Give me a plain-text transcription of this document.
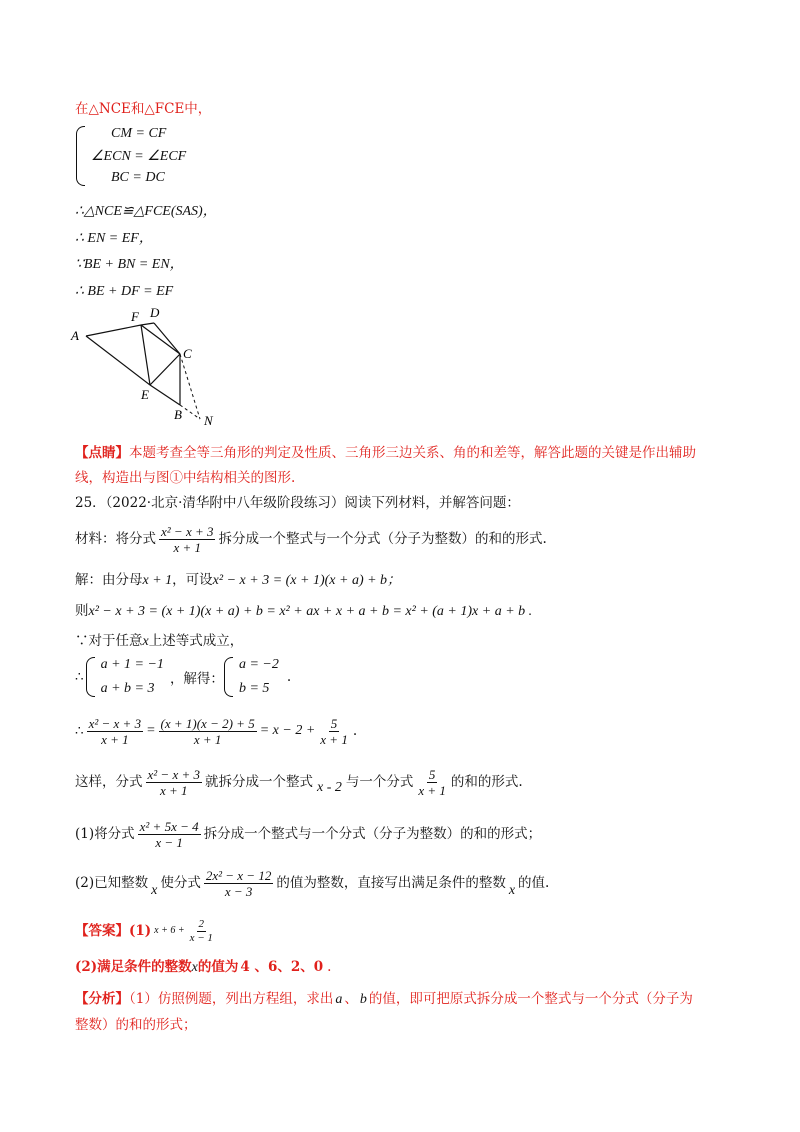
在△NCE和△FCE中，
CM = CF
∠ECN = ∠ECF
BC = DC
∴△NCE≌△FCE(SAS)，
∴ EN = EF，
∵BE + BN = EN，
∴ BE + DF = EF
A
F D
C
E
B N
【点睛】本题考查全等三角形的判定及性质、三角形三边关系、角的和差等，解答此题的关键是作出辅助
线，构造出与图①中结构相关的图形.
25．（2022·北京·清华附中八年级阶段练习）阅读下列材料，并解答问题：
材料：将分式 $\frac{\text{x² − x + 3}}{x + 1}$ 拆分成一个整式与一个分式（分子为整数）的和的形式.
解：由分母x + 1，可设x² − x + 3 = (x + 1)(x + a) + b；
则x² − x + 3 = (x + 1)(x + a) + b = x² + ax + x + a + b = x² + (a + 1)x + a + b .
∵对于任意x上述等式成立，
∴
a + 1 = −1
a + b = 3
，解得：
a = −2
b = 5
.
∴ $\frac{\text{x² − x + 3}}{x + 1} = \frac{(x + 1)(x - 2) + 5}{x + 1} = x - 2 + \frac{5}{x + 1}$ .
这样，分式 $\frac{\text{x² − x + 3}}{x + 1}$ 就拆分成一个整式 x - 2 与一个分式 $\frac{5}{x + 1}$ 的和的形式.
(1)将分式 $\frac{\text{x² + 5x − 4}}{x - 1}$ 拆分成一个整式与一个分式（分子为整数）的和的形式；
(2)已知整数 x 使分式 $\frac{\text{2x² − x − 12}}{x - 3}$ 的值为整数，直接写出满足条件的整数 x 的值.
【答案】 (1) $x + 6 + \frac{2}{x - 1}$
(2)满足条件的整数x的值为 4 、6、2、0 .
【分析】（1）仿照例题，列出方程组，求出 a 、 b 的值，即可把原式拆分成一个整式与一个分式（分子为
整数）的和的形式；
